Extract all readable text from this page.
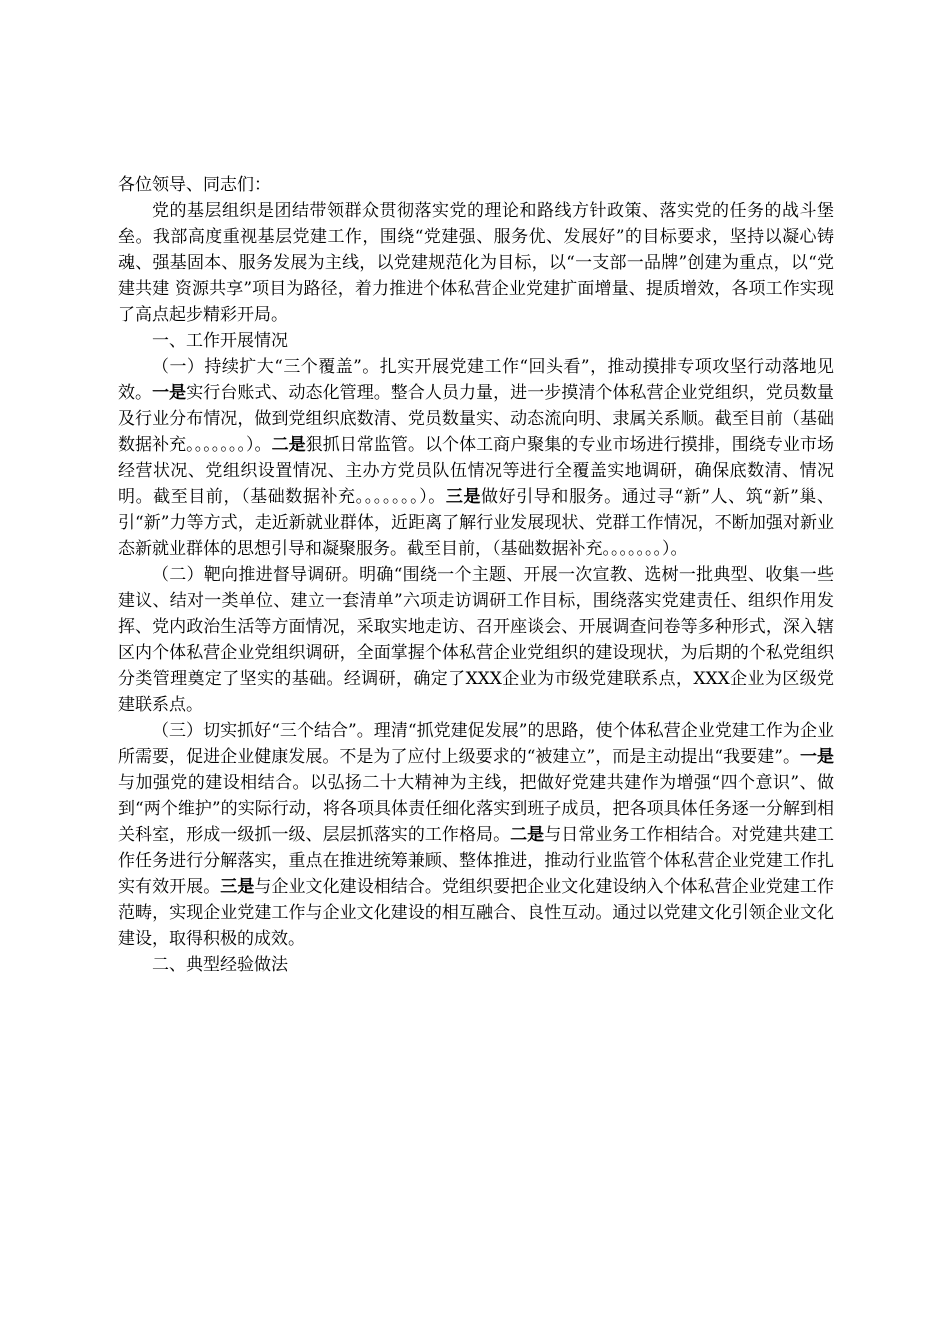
各位领导、同志们：

党的基层组织是团结带领群众贯彻落实党的理论和路线方针政策、落实党的任务的战斗堡垒。我部高度重视基层党建工作，围绕“党建强、服务优、发展好”的目标要求，坚持以凝心铸魂、强基固本、服务发展为主线，以党建规范化为目标，以“一支部一品牌”创建为重点，以“党建共建 资源共享”项目为路径，着力推进个体私营企业党建扩面增量、提质增效，各项工作实现了高点起步精彩开局。

一、工作开展情况

（一）持续扩大“三个覆盖”。扎实开展党建工作“回头看”，推动摸排专项攻坚行动落地见效。一是实行台账式、动态化管理。整合人员力量，进一步摸清个体私营企业党组织，党员数量及行业分布情况，做到党组织底数清、党员数量实、动态流向明、隶属关系顺。截至目前（基础数据补充。。。。。。。）。二是狠抓日常监管。以个体工商户聚集的专业市场进行摸排，围绕专业市场经营状况、党组织设置情况、主办方党员队伍情况等进行全覆盖实地调研，确保底数清、情况明。截至目前，（基础数据补充。。。。。。。）。三是做好引导和服务。通过寻“新”人、筑“新”巢、引“新”力等方式，走近新就业群体，近距离了解行业发展现状、党群工作情况，不断加强对新业态新就业群体的思想引导和凝聚服务。截至目前，（基础数据补充。。。。。。。）。

（二）靶向推进督导调研。明确“围绕一个主题、开展一次宣教、选树一批典型、收集一些建议、结对一类单位、建立一套清单”六项走访调研工作目标，围绕落实党建责任、组织作用发挥、党内政治生活等方面情况，采取实地走访、召开座谈会、开展调查问卷等多种形式，深入辖区内个体私营企业党组织调研，全面掌握个体私营企业党组织的建设现状，为后期的个私党组织分类管理奠定了坚实的基础。经调研，确定了XXX企业为市级党建联系点，XXX企业为区级党建联系点。

（三）切实抓好“三个结合”。理清“抓党建促发展”的思路，使个体私营企业党建工作为企业所需要，促进企业健康发展。不是为了应付上级要求的“被建立”，而是主动提出“我要建”。一是与加强党的建设相结合。以弘扬二十大精神为主线，把做好党建共建作为增强“四个意识”、做到“两个维护”的实际行动，将各项具体责任细化落实到班子成员，把各项具体任务逐一分解到相关科室，形成一级抓一级、层层抓落实的工作格局。二是与日常业务工作相结合。对党建共建工作任务进行分解落实，重点在推进统筹兼顾、整体推进，推动行业监管个体私营企业党建工作扎实有效开展。三是与企业文化建设相结合。党组织要把企业文化建设纳入个体私营企业党建工作范畴，实现企业党建工作与企业文化建设的相互融合、良性互动。通过以党建文化引领企业文化建设，取得积极的成效。

二、典型经验做法
